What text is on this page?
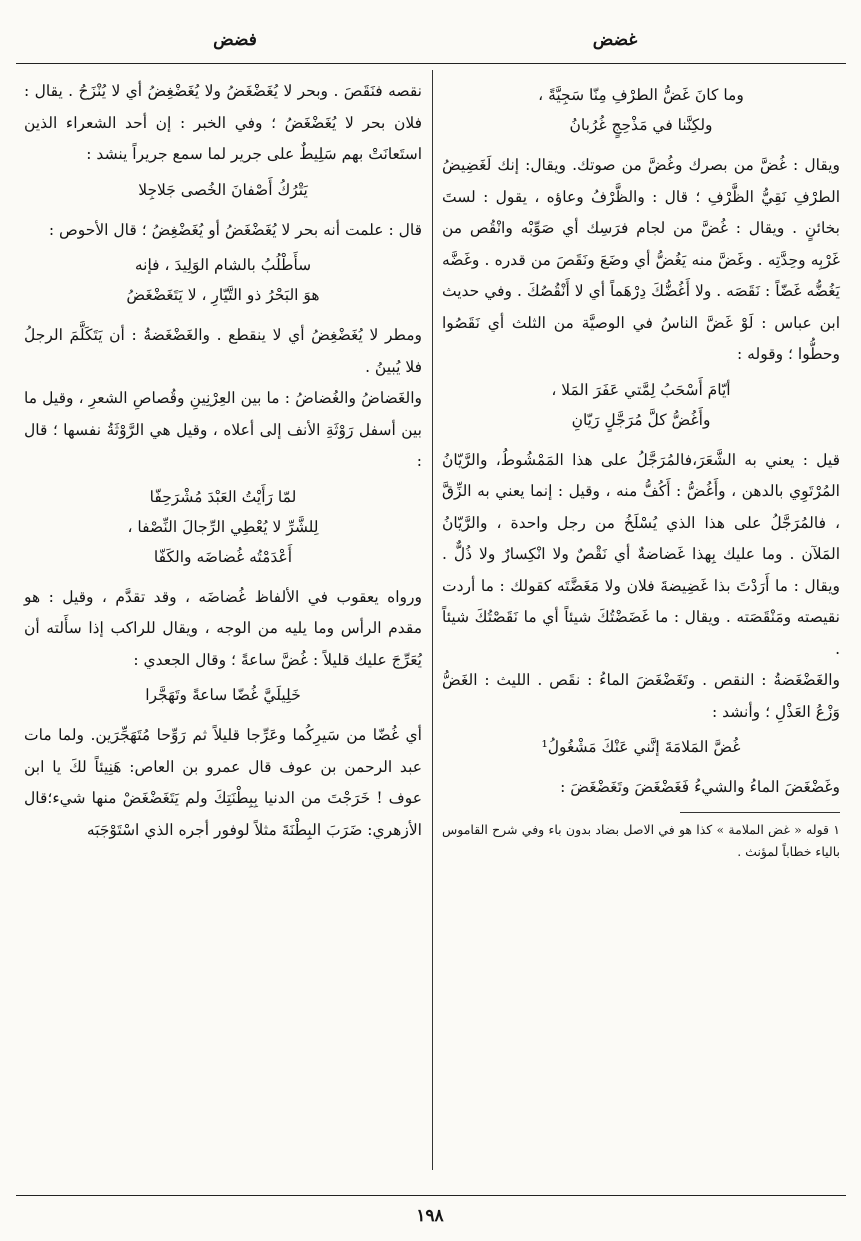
غضض
فضض
وما كانَ غَضُّ الطرْفِ مِنّا سَجِيَّةً ،
ولكِنَّنا في مَذْحِجٍ غُرُبانُ

ويقال : غُضَّ من بصرك وغُضَّ من صوتك. ويقال: إنك لَغَضِيضُ الطرْفِ نَقِيُّ الظَّرْفِ ؛ قال : والظَّرْفُ وعاؤه ، يقول : لستَ بخائنٍ . ويقال : غُضَّ من لجام فرَسِك أي صَوِّبْه وانْقُص من غَرْبِه وحِدَّتِه . وغَضَّ منه يَغُضُّ أي وضَعَ ونَقَصَ من قدره . وغَضَّه يَغُضُّه غَضّاً : نَقَصَه . ولا أَغُضُّكَ دِرْهَماً أي لا أَنْقُصُكَ . وفي حديث ابن عباس : لَوْ غَضَّ الناسُ في الوصيَّة من الثلث أي نَقَصُوا وحطُّوا ؛ وقوله :

أيّامَ أَسْحَبُ لِمَّتي عَفَرَ المَلا ،
وأَغُضُّ كلَّ مُرَجَّلٍ رَيّانِ

قيل : يعني به الشَّعَرَ،فالمُرَجَّلُ على هذا المَمْشُوطُ، والرَّيّانُ المُرْتَوِي بالدهن ، وأَغُضُّ : أَكُفُّ منه ، وقيل : إنما يعني به الزِّقَّ ، فالمُرَجَّلُ على هذا الذي يُسْلَخُ من رجل واحدة ، والرَّيّانُ المَلآن . وما عليك بِهذا غَضاضةٌ أي نَقْصٌ ولا انْكِسارٌ ولا ذُلٌّ . ويقال : ما أَرَدْتَ بذا غَضِيضةَ فلان ولا مَغَضَّتَه كقولك : ما أردت نقيصته ومَنْقَصَته . ويقال : ما غَضَضْتُكَ شيئاً أي ما نَقَصْتُكَ شيئاً .

والغَضْغَضةُ : النقص . وتَغَضْغَضَ الماءُ : نقَص . الليث : الغَضُّ وَزْعُ العَذْلِ ؛ وأنشد :

غُضَّ المَلامَةَ إنَّني عَنْكَ مَشْغُولُ¹

وغَضْغَضَ الماءُ والشيءُ فَغَضْغَضَ وتَغَضْغَضَ :

١ قوله « غض الملامة » كذا هو في الاصل بضاد بدون باء وفي شرح القاموس بالياء خطاباً لمؤنث .

نقصه فنَقَصَ . وبحر لا يُغَضْغَضُ ولا يُغَضْغِضُ أي لا يُنْزَحُ . يقال : فلان بحر لا يُغَضْغَضُ ؛ وفي الخبر : إن أحد الشعراء الذين استَعانَتْ بهم سَلِيطٌ على جرير لما سمع جريراً ينشد :

يَتْرُكُ أَصْفانَ الخُصى جَلاجِلا

قال : علمت أنه بحر لا يُغَضْغَضُ أو يُغَضْغِضُ ؛ قال الأحوص :

سأَطْلُبُ بالشام الوَلِيدَ ، فإنه
هوَ البَحْرُ ذو التَّيّارِ ، لا يَتَغَضْغَضُ

ومطر لا يُغَضْغِضُ أي لا ينقطع . والغَضْغَضةُ : أن يَتَكَلَّمَ الرجلُ فلا يُبينُ .

والغَضاضُ والغُضاضُ : ما بين العِرْنِينِ وقُصاصِ الشعرِ ، وقيل ما بين أسفل رَوْثَةِ الأنف إلى أعلاه ، وقيل هي الرَّوْثَةُ نفسها ؛ قال :

لمّا رَأَيْتُ العَبْدَ مُشْرَحِفّا
لِلشَّرِّ لا يُعْطِي الرِّجالَ النِّصْفا ،
أَعْدَمْتُه غُضاضَه والكَفّا

ورواه يعقوب في الألفاظ غُضاضَه ، وقد تقدَّم ، وقيل : هو مقدم الرأس وما يليه من الوجه ، ويقال للراكب إذا سأَلته أن يُعَرِّجَ عليك قليلاً : غُضَّ ساعةً ؛ وقال الجعدي :

خَلِيلَيَّ غُضّا ساعةً وتَهَجَّرا

أي غُضّا من سَيرِكُما وعَرِّجا قليلاً ثم رَوِّحا مُتَهَجِّرَين. ولما مات عبد الرحمن بن عوف قال عمرو بن العاص: هَنِيئاً لكَ يا ابن عوف ! خَرَجْتَ من الدنيا بِبِطْنَتِكَ ولم يَتَغَضْغَضْ منها شيء؛قال الأزهري: ضَرَبَ البِطْنَةَ مثلاً لوفور أجره الذي اسْتَوْجَبَه

١٩٨
